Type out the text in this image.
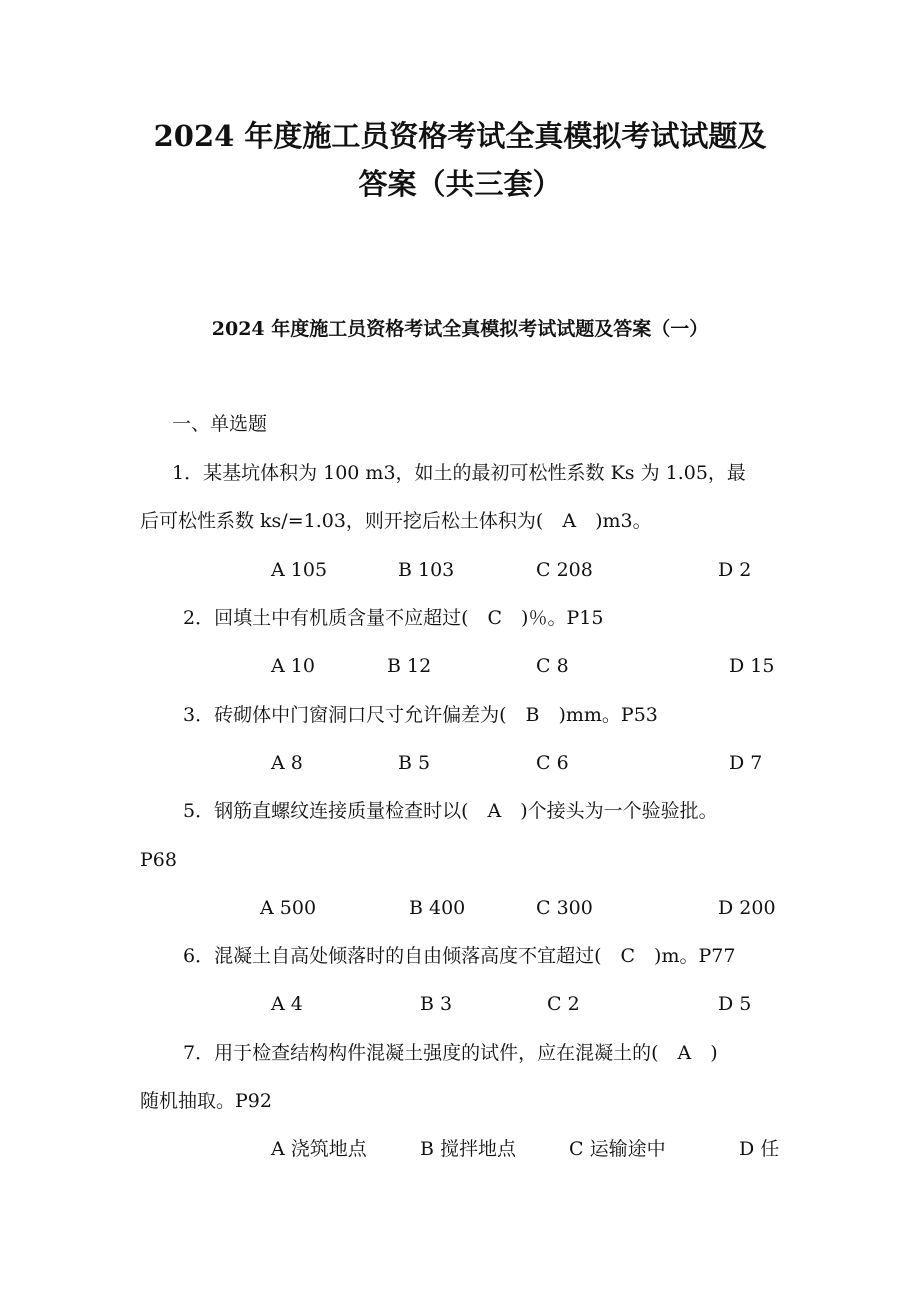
2024 年度施工员资格考试全真模拟考试试题及
答案（共三套）
2024 年度施工员资格考试全真模拟考试试题及答案（一）
一、单选题
1．某基坑体积为 100 m3，如土的最初可松性系数 Ks 为 1.05，最
后可松性系数 ks/=1.03，则开挖后松土体积为(　A　)m3。
A 105	B 103	C 208	D 2
2．回填土中有机质含量不应超过(　C　)％。P15
A 10	B 12	C 8	D 15
3．砖砌体中门窗洞口尺寸允许偏差为(　B　)mm。P53
A 8	B 5	C 6	D 7
5．钢筋直螺纹连接质量检查时以(　A　)个接头为一个验验批。
P68
A 500	B 400	C 300	D 200
6．混凝土自高处倾落时的自由倾落高度不宜超过(　C　)m。P77
A 4	B 3	C 2	D 5
7．用于检查结构构件混凝土强度的试件，应在混凝土的(　A　)
随机抽取。P92
A 浇筑地点	B 搅拌地点	C 运输途中	D 任
